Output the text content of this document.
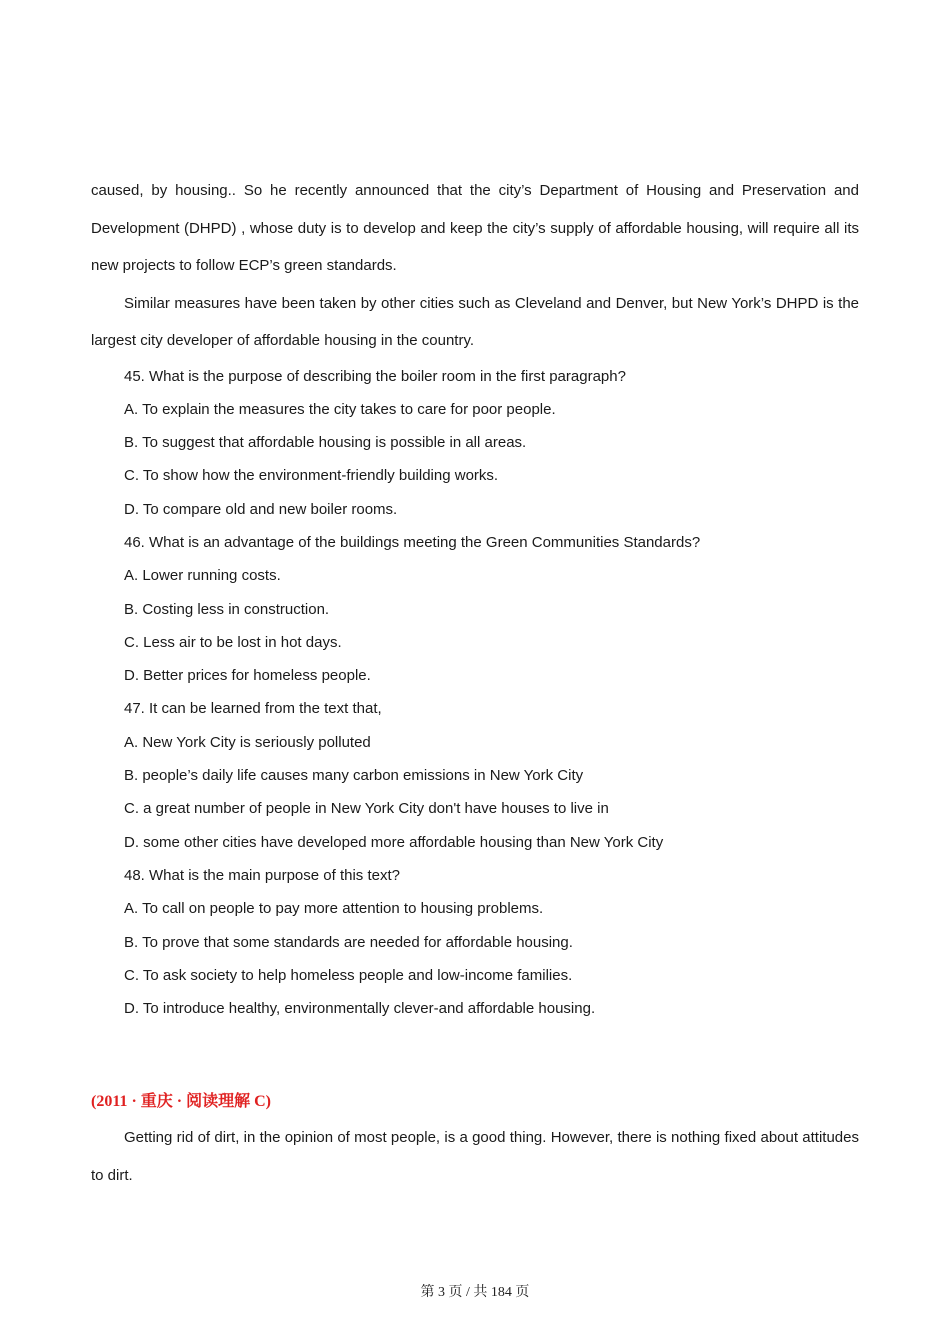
caused, by housing.. So he recently announced that the city’s Department of Housing and Preservation and Development (DHPD) , whose duty is to develop and keep the city’s supply of affordable housing, will require all its new projects to follow ECP’s green standards.

Similar measures have been taken by other cities such as Cleveland and Denver, but New York’s DHPD is the largest city developer of affordable housing in the country.

45. What is the purpose of describing the boiler room in the first paragraph?

A. To explain the measures the city takes to care for poor people.

B. To suggest that affordable housing is possible in all areas.

C. To show how the environment-friendly building works.

D. To compare old and new boiler rooms.

46. What is an advantage of the buildings meeting the Green Communities Standards?

A. Lower running costs.

B. Costing less in construction.

C. Less air to be lost in hot days.

D. Better prices for homeless people.

47. It can be learned from the text that,

A. New York City is seriously polluted

B. people’s daily life causes many carbon emissions in New York City

C. a great number of people in New York City don't have houses to live in

D. some other cities have developed more affordable housing than New York City

48. What is the main purpose of this text?

A. To call on people to pay more attention to housing problems.

B. To prove that some standards are needed for affordable housing.

C. To ask society to help homeless people and low-income families.

D. To introduce healthy, environmentally clever-and affordable housing.

(2011 · 重庆 · 阅读理解 C)

Getting rid of dirt, in the opinion of most people, is a good thing. However, there is nothing fixed about attitudes to dirt.

第 3 页 / 共 184 页
